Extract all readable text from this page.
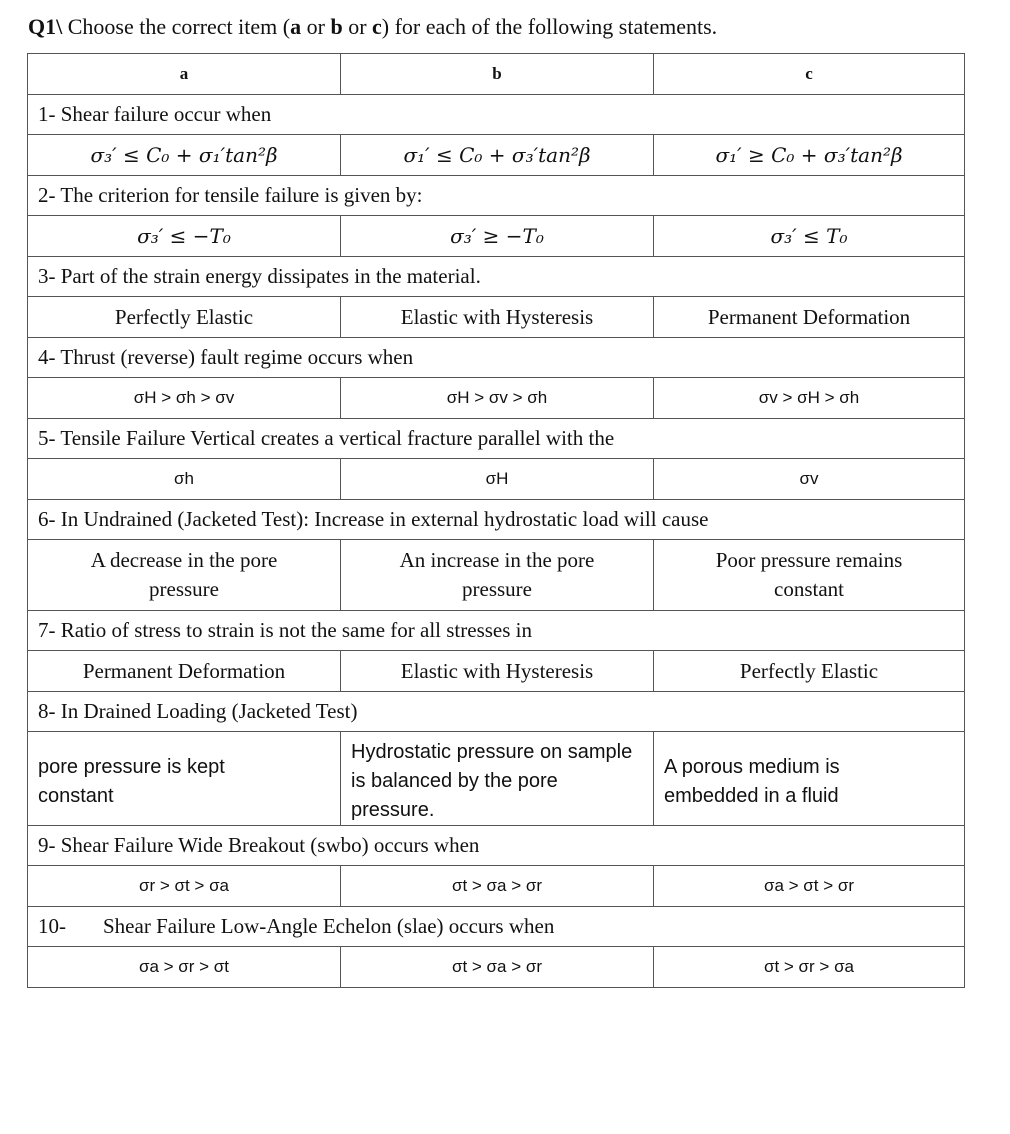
Q1\ Choose the correct item (a or b or c) for each of the following statements.
a	b	c
1- Shear failure occur when		
σ₃′ ≤ C₀ + σ₁′tan²β	σ₁′ ≤ C₀ + σ₃′tan²β	σ₁′ ≥ C₀ + σ₃′tan²β
2- The criterion for tensile failure is given by:		
σ₃′ ≤ −T₀	σ₃′ ≥ −T₀	σ₃′ ≤ T₀
3- Part of the strain energy dissipates in the material.		
Perfectly Elastic	Elastic with Hysteresis	Permanent Deformation
4- Thrust (reverse) fault regime occurs when		
σH > σh > σv	σH > σv > σh	σv > σH > σh
5- Tensile Failure Vertical creates a vertical fracture parallel with the		
σh	σH	σv
6- In Undrained (Jacketed Test): Increase in external hydrostatic load will cause		
A decrease in the pore pressure	An increase in the pore pressure	Poor pressure remains constant
7- Ratio of stress to strain is not the same for all stresses in		
Permanent Deformation	Elastic with Hysteresis	Perfectly Elastic
8- In Drained Loading (Jacketed Test)		
pore pressure is kept constant	Hydrostatic pressure on sample is balanced by the pore pressure.	A porous medium is embedded in a fluid
9- Shear Failure Wide Breakout (swbo) occurs when		
σr > σt > σa	σt > σa > σr	σa > σt > σr
10- Shear Failure Low-Angle Echelon (slae) occurs when		
σa > σr > σt	σt > σa > σr	σt > σr > σa
